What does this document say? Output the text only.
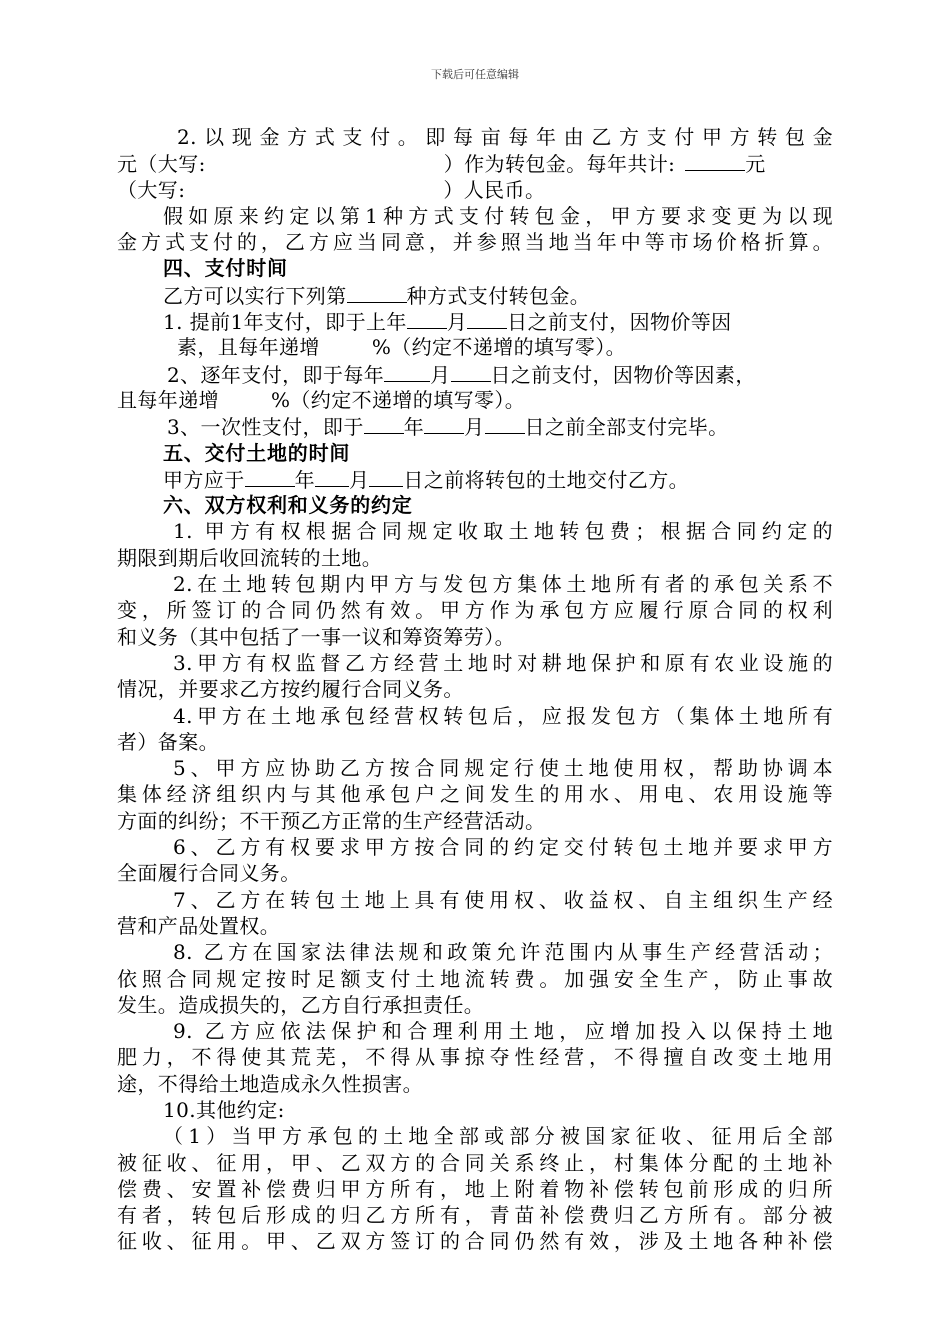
下载后可任意编辑
2.以现金方式支付。即每亩每年由乙方支付甲方转包金
元（大写:	）作为转包金。每年共计:	元
（大写:	）人民币。
假如原来约定以第1种方式支付转包金，甲方要求变更为以现
金方式支付的，乙方应当同意，并参照当地当年中等市场价格折算。
四、支付时间
乙方可以实行下列第	种方式支付转包金。
1. 提前1年支付，即于上年 月 日之前支付，因物价等因
素，且每年递增	%（约定不递增的填写零）。
2、逐年支付，即于每年 月 日之前支付，因物价等因素，
且每年递增	%（约定不递增的填写零）。
3、一次性支付，即于 年 月 日之前全部支付完毕。
五、交付土地的时间
甲方应于	年 月 日之前将转包的土地交付乙方。
六、双方权利和义务的约定
1. 甲方有权根据合同规定收取土地转包费；根据合同约定的
期限到期后收回流转的土地。
2.在土地转包期内甲方与发包方集体土地所有者的承包关系不
变，所签订的合同仍然有效。甲方作为承包方应履行原合同的权利
和义务（其中包括了一事一议和筹资筹劳）。
3.甲方有权监督乙方经营土地时对耕地保护和原有农业设施的
情况，并要求乙方按约履行合同义务。
4.甲方在土地承包经营权转包后，应报发包方（集体土地所有
者）备案。
5、甲方应协助乙方按合同规定行使土地使用权，帮助协调本
集体经济组织内与其他承包户之间发生的用水、用电、农用设施等
方面的纠纷；不干预乙方正常的生产经营活动。
6、乙方有权要求甲方按合同的约定交付转包土地并要求甲方
全面履行合同义务。
7、乙方在转包土地上具有使用权、收益权、自主组织生产经
营和产品处置权。
8. 乙方在国家法律法规和政策允许范围内从事生产经营活动；
依照合同规定按时足额支付土地流转费。加强安全生产，防止事故
发生。造成损失的，乙方自行承担责任。
9. 乙方应依法保护和合理利用土地，应增加投入以保持土地
肥力，不得使其荒芜，不得从事掠夺性经营，不得擅自改变土地用
途，不得给土地造成永久性损害。
10.其他约定:
（1）当甲方承包的土地全部或部分被国家征收、征用后全部
被征收、征用，甲、乙双方的合同关系终止，村集体分配的土地补
偿费、安置补偿费归甲方所有，地上附着物补偿转包前形成的归所
有者，转包后形成的归乙方所有，青苗补偿费归乙方所有。部分被
征收、征用。甲、乙双方签订的合同仍然有效，涉及土地各种补偿
